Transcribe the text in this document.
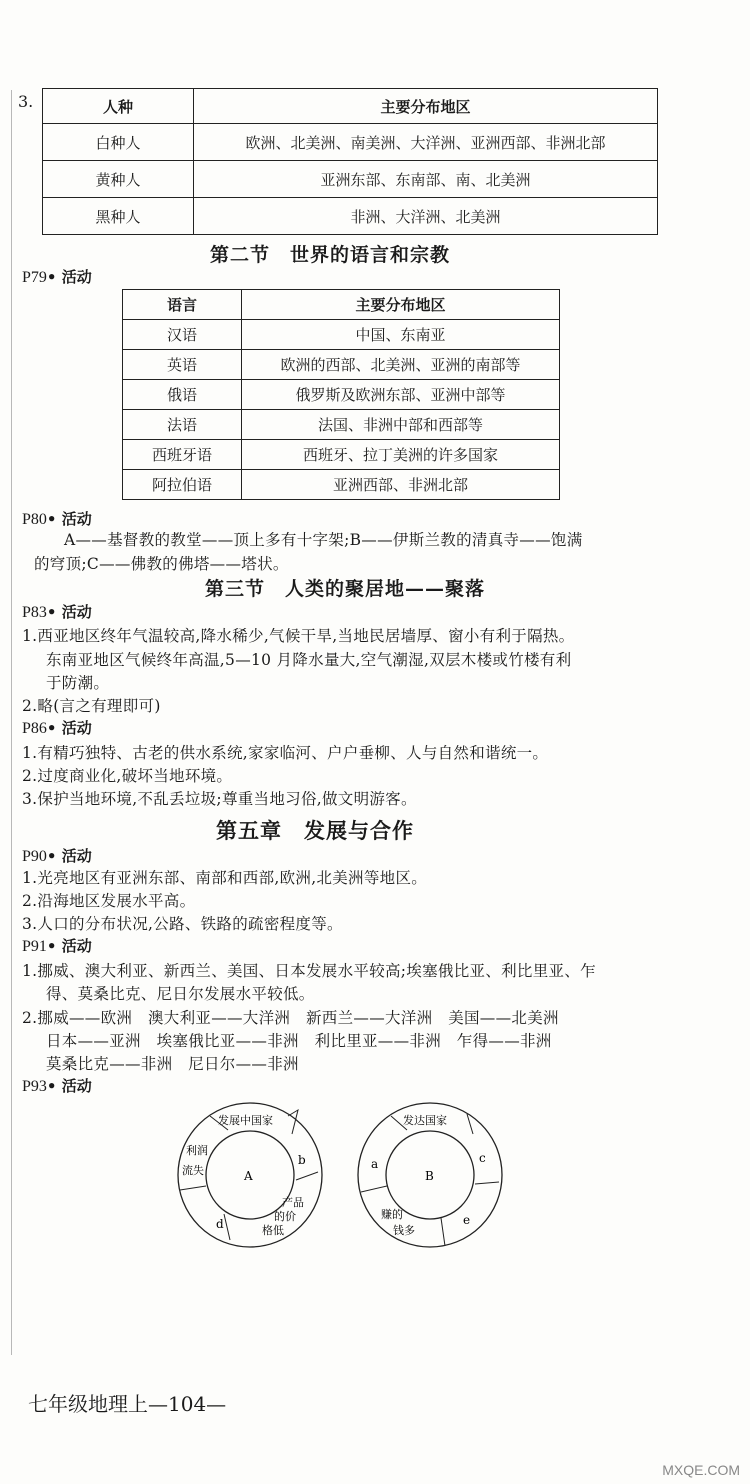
3.	人种	主要分布地区
白种人	欧洲、北美洲、南美洲、大洋洲、亚洲西部、非洲北部
黄种人	亚洲东部、东南部、南、北美洲
黑种人	非洲、大洋洲、北美洲
第二节　世界的语言和宗教
P79• 活动
语言	主要分布地区
汉语	中国、东南亚
英语	欧洲的西部、北美洲、亚洲的南部等
俄语	俄罗斯及欧洲东部、亚洲中部等
法语	法国、非洲中部和西部等
西班牙语	西班牙、拉丁美洲的许多国家
阿拉伯语	亚洲西部、非洲北部
P80• 活动
A——基督教的教堂——顶上多有十字架;B——伊斯兰教的清真寺——饱满
的穹顶;C——佛教的佛塔——塔状。
第三节　人类的聚居地——聚落
P83• 活动
1.西亚地区终年气温较高,降水稀少,气候干旱,当地民居墙厚、窗小有利于隔热。
东南亚地区气候终年高温,5—10 月降水量大,空气潮湿,双层木楼或竹楼有利
于防潮。
2.略(言之有理即可)
P86• 活动
1.有精巧独特、古老的供水系统,家家临河、户户垂柳、人与自然和谐统一。
2.过度商业化,破坏当地环境。
3.保护当地环境,不乱丢垃圾;尊重当地习俗,做文明游客。
第五章　发展与合作
P90• 活动
1.光亮地区有亚洲东部、南部和西部,欧洲,北美洲等地区。
2.沿海地区发展水平高。
3.人口的分布状况,公路、铁路的疏密程度等。
P91• 活动
1.挪威、澳大利亚、新西兰、美国、日本发展水平较高;埃塞俄比亚、利比里亚、乍
得、莫桑比克、尼日尔发展水平较低。
2.挪威——欧洲　澳大利亚——大洋洲　新西兰——大洋洲　美国——北美洲
日本——亚洲　埃塞俄比亚——非洲　利比里亚——非洲　乍得——非洲
莫桑比克——非洲　尼日尔——非洲
P93• 活动
发展中国家
利润
流失	A
b
d
产品
的价
格低
发达国家
a
B
c
e
赚的
钱多
七年级地理上—104—
MXQE.COM
